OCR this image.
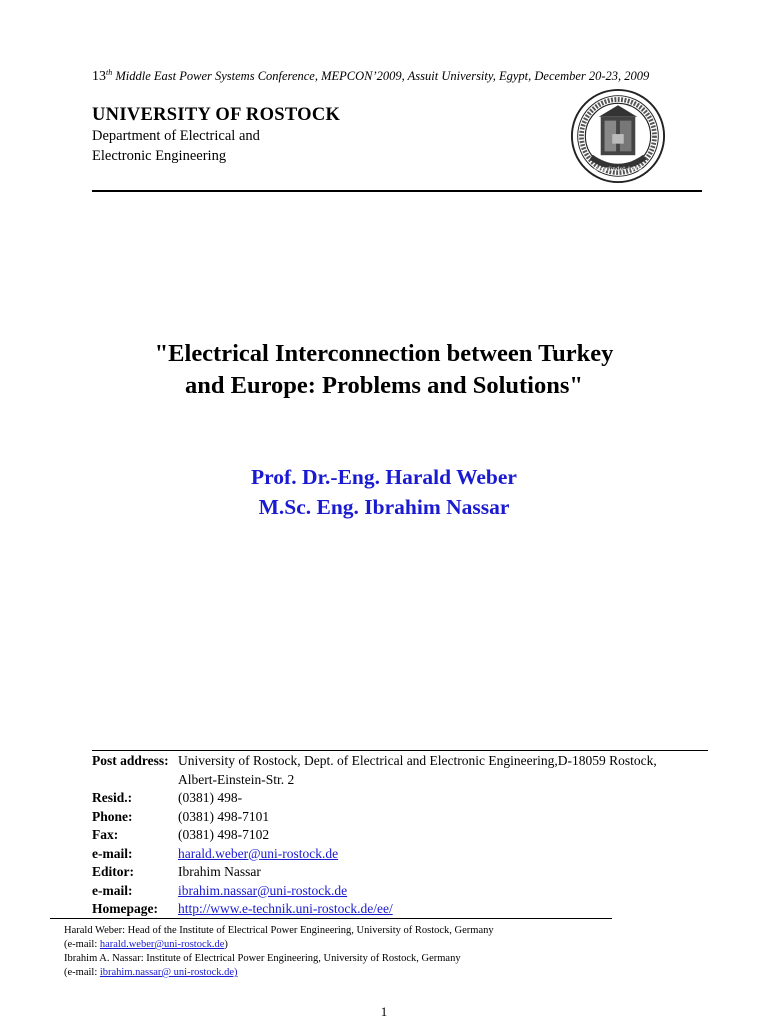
13th Middle East Power Systems Conference, MEPCON’2009, Assuit University, Egypt, December 20-23, 2009
UNIVERSITY OF ROSTOCK
Department of Electrical and
Electronic Engineering
Gegründet 1419
"Electrical Interconnection between Turkey
and Europe: Problems and Solutions"
Prof. Dr.-Eng. Harald Weber
M.Sc. Eng. Ibrahim Nassar
Post address: University of Rostock, Dept. of Electrical and Electronic Engineering,D-18059 Rostock,
Albert-Einstein-Str. 2
Resid.:	(0381) 498-
Phone:	(0381) 498-7101
Fax:	(0381) 498-7102
e-mail:	harald.weber@uni-rostock.de
Editor:	Ibrahim Nassar
e-mail:	ibrahim.nassar@uni-rostock.de
Homepage:	http://www.e-technik.uni-rostock.de/ee/
Harald Weber: Head of the Institute of Electrical Power Engineering, University of Rostock, Germany
(e-mail: harald.weber@uni-rostock.de)
Ibrahim A. Nassar: Institute of Electrical Power Engineering, University of Rostock, Germany
(e-mail: ibrahim.nassar@ uni-rostock.de)
1
